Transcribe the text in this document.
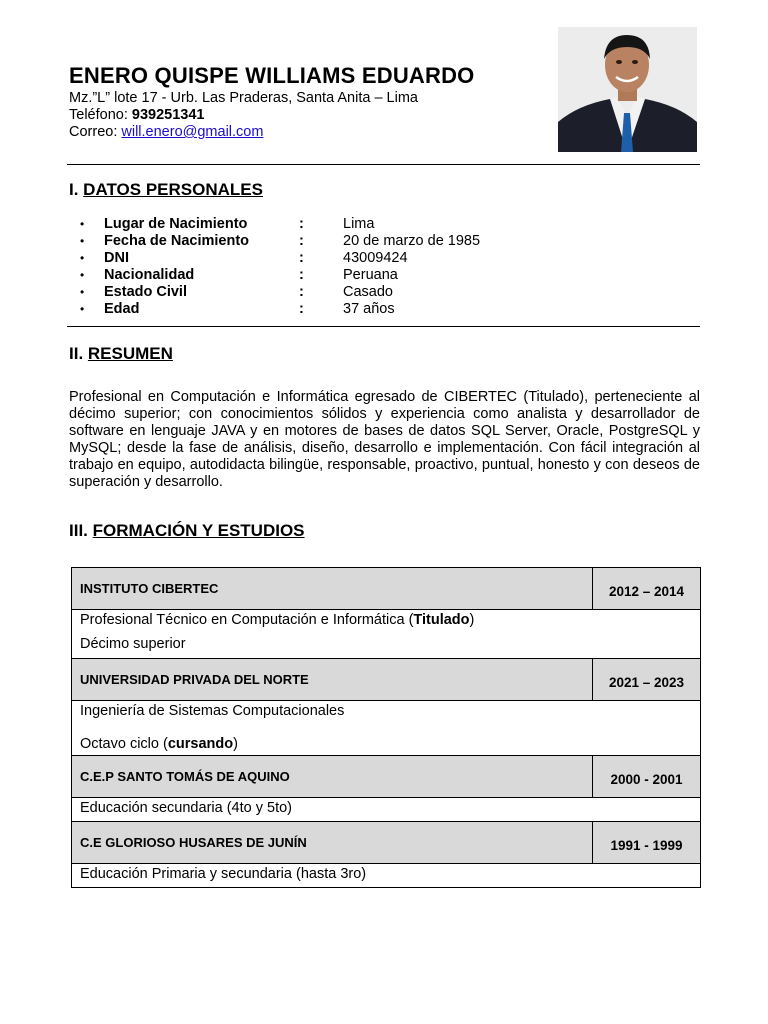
ENERO QUISPE WILLIAMS EDUARDO
Mz.”L” lote 17 - Urb. Las Praderas, Santa Anita – Lima
Teléfono: 939251341
Correo: will.enero@gmail.com
I. DATOS PERSONALES
•	Lugar de Nacimiento	:	Lima
•	Fecha de Nacimiento	:	20 de marzo de 1985
•	DNI	:	43009424
•	Nacionalidad	:	Peruana
•	Estado Civil	:	Casado
•	Edad	:	37 años
II. RESUMEN
Profesional en Computación e Informática egresado de CIBERTEC (Titulado), perteneciente al décimo superior; con conocimientos sólidos y experiencia como analista y desarrollador de software en lenguaje JAVA y en motores de bases de datos SQL Server, Oracle, PostgreSQL y MySQL; desde la fase de análisis, diseño, desarrollo e implementación. Con fácil integración al trabajo en equipo, autodidacta bilingüe, responsable, proactivo, puntual, honesto y con deseos de superación y desarrollo.
III. FORMACIÓN Y ESTUDIOS
INSTITUTO CIBERTEC	2012 – 2014

Profesional Técnico en Computación e Informática (Titulado)
Décimo superior	

UNIVERSIDAD PRIVADA DEL NORTE	2021 – 2023

Ingeniería de Sistemas Computacionales
Octavo ciclo (cursando)	

C.E.P SANTO TOMÁS DE AQUINO	2000 - 2001
Educación secundaria (4to y 5to)	
C.E GLORIOSO HUSARES DE JUNÍN	1991 - 1999
Educación Primaria y secundaria (hasta 3ro)	
